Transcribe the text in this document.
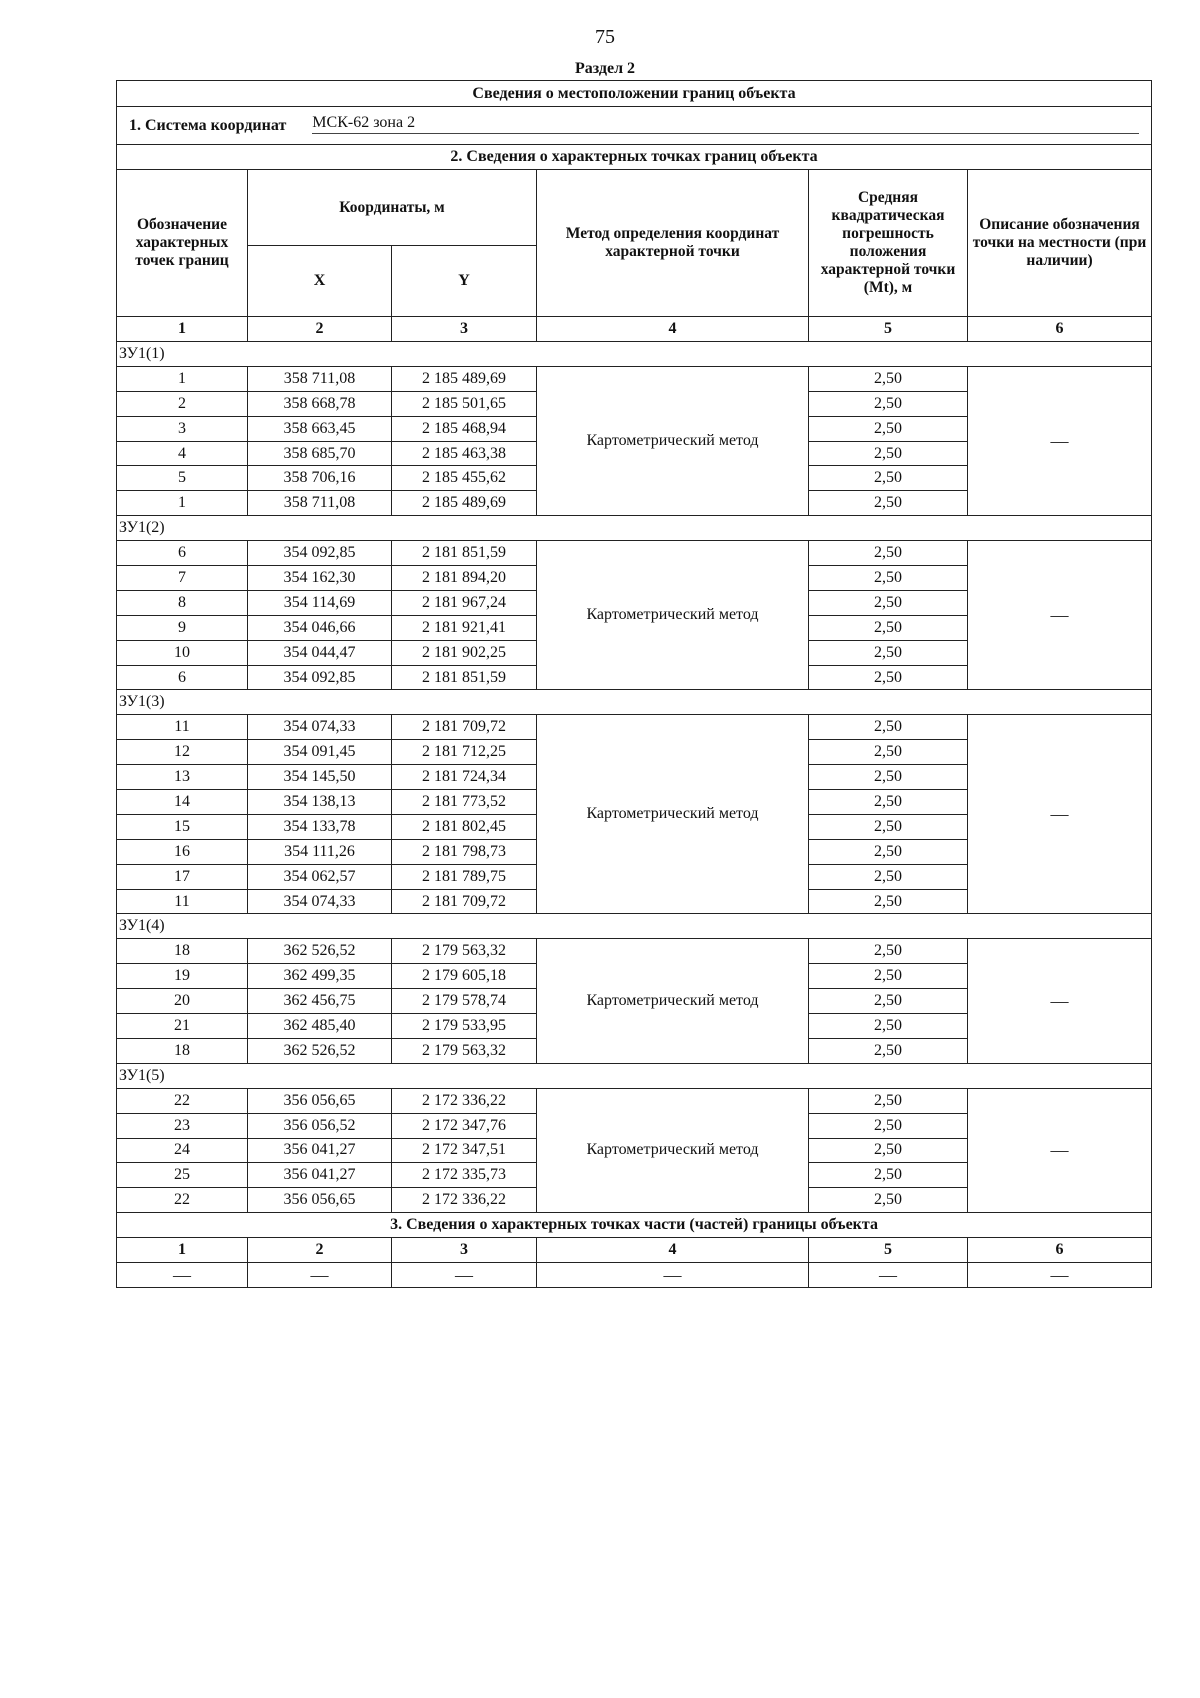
75
Раздел 2
Сведения о местоположении границ объекта					

1. Система координат МСК-62 зона 2					

2. Сведения о характерных точках границ объекта					
Обозначение характерных точек границ	Координаты, м		Метод определения координат характерной точки	Средняя квадратическая погрешность положения характерной точки (Mt), м	Описание обозначения точки на местности (при наличии)
	X	Y			
1	2	3	4	5	6
ЗУ1(1)					
1	358 711,08	2 185 489,69	Картометрический метод	2,50	—
2	358 668,78	2 185 501,65		2,50	
3	358 663,45	2 185 468,94		2,50	
4	358 685,70	2 185 463,38		2,50	
5	358 706,16	2 185 455,62		2,50	
1	358 711,08	2 185 489,69		2,50	
ЗУ1(2)					
6	354 092,85	2 181 851,59	Картометрический метод	2,50	—
7	354 162,30	2 181 894,20		2,50	
8	354 114,69	2 181 967,24		2,50	
9	354 046,66	2 181 921,41		2,50	
10	354 044,47	2 181 902,25		2,50	
6	354 092,85	2 181 851,59		2,50	
ЗУ1(3)					
11	354 074,33	2 181 709,72	Картометрический метод	2,50	—
12	354 091,45	2 181 712,25		2,50	
13	354 145,50	2 181 724,34		2,50	
14	354 138,13	2 181 773,52		2,50	
15	354 133,78	2 181 802,45		2,50	
16	354 111,26	2 181 798,73		2,50	
17	354 062,57	2 181 789,75		2,50	
11	354 074,33	2 181 709,72		2,50	
ЗУ1(4)					
18	362 526,52	2 179 563,32	Картометрический метод	2,50	—
19	362 499,35	2 179 605,18		2,50	
20	362 456,75	2 179 578,74		2,50	
21	362 485,40	2 179 533,95		2,50	
18	362 526,52	2 179 563,32		2,50	
ЗУ1(5)					
22	356 056,65	2 172 336,22	Картометрический метод	2,50	—
23	356 056,52	2 172 347,76		2,50	
24	356 041,27	2 172 347,51		2,50	
25	356 041,27	2 172 335,73		2,50	
22	356 056,65	2 172 336,22		2,50	
3. Сведения о характерных точках части (частей) границы объекта					
1	2	3	4	5	6
—	—	—	—	—	—
